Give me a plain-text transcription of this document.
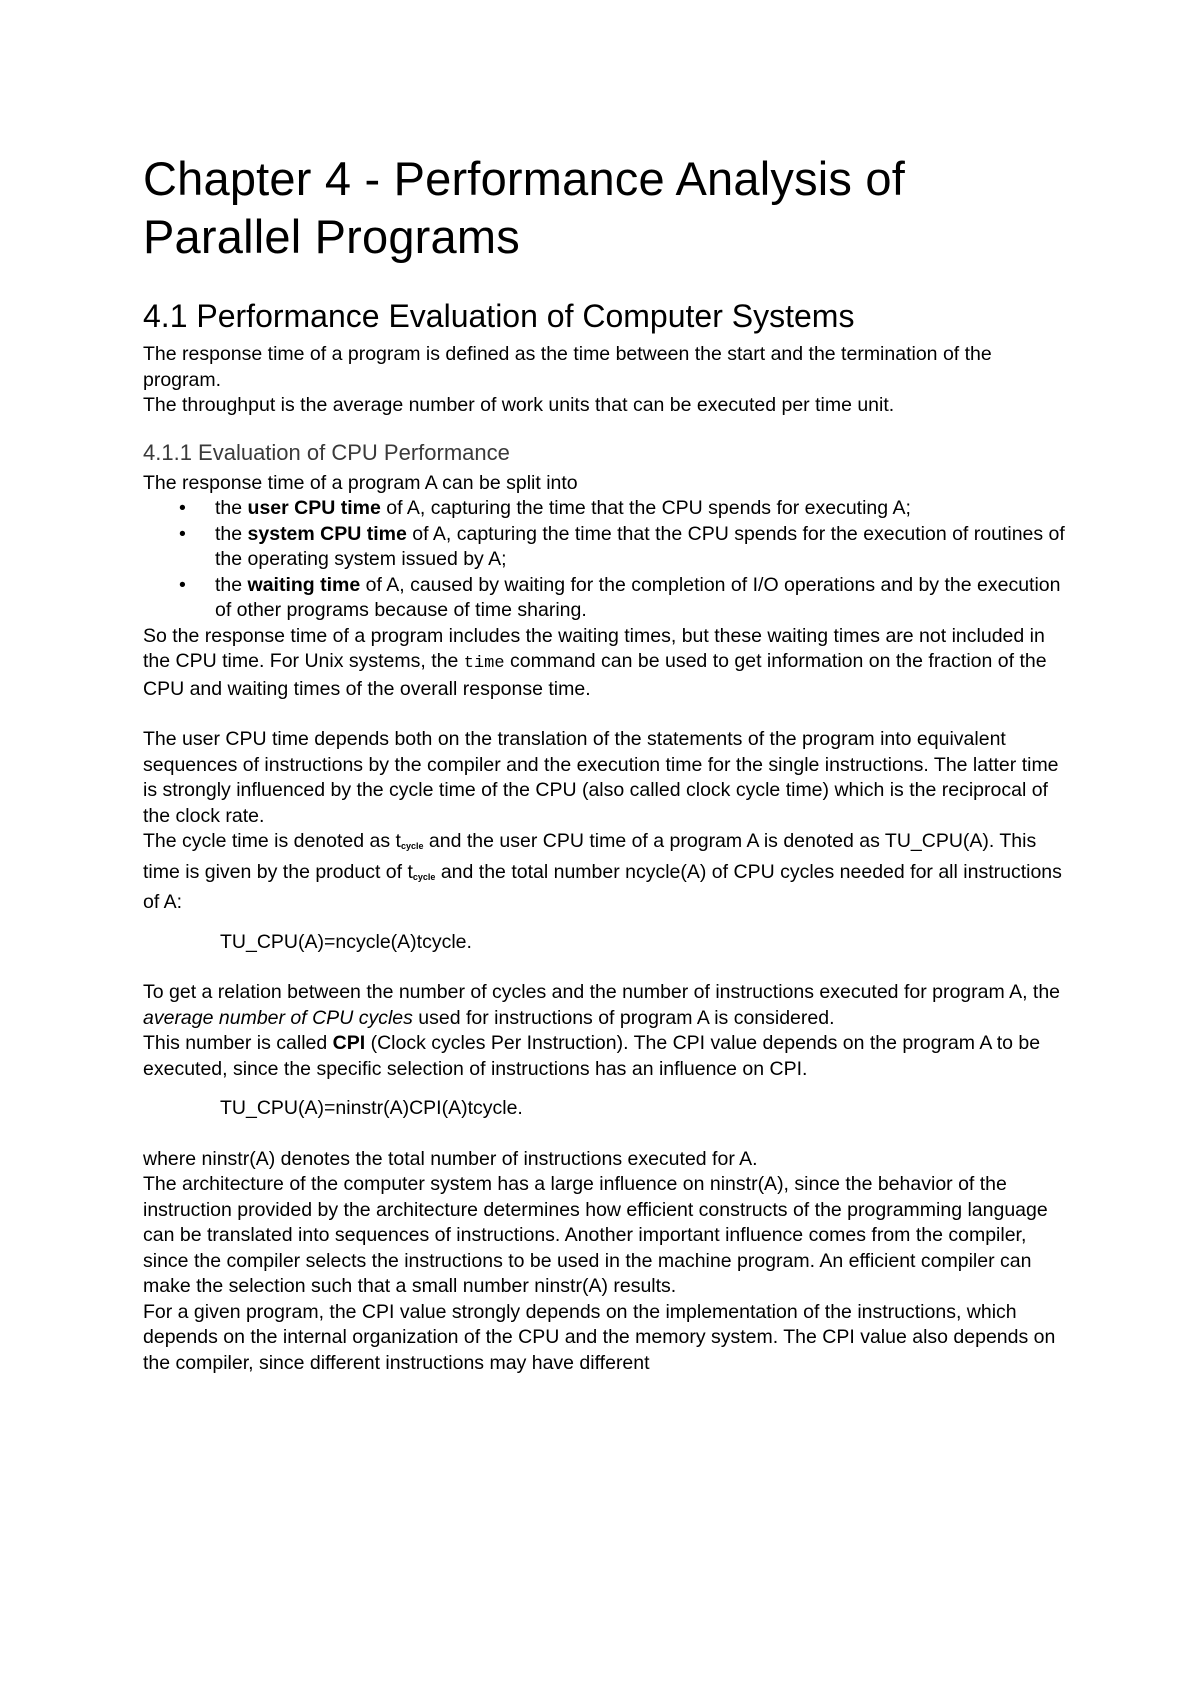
Chapter 4 - Performance Analysis of Parallel Programs
4.1 Performance Evaluation of Computer Systems

The response time of a program is defined as the time between the start and the termination of the program.

The throughput is the average number of work units that can be executed per time unit.

4.1.1 Evaluation of CPU Performance

The response time of a program A can be split into

• the user CPU time of A, capturing the time that the CPU spends for executing A;
• the system CPU time of A, capturing the time that the CPU spends for the execution of routines of the operating system issued by A;
• the waiting time of A, caused by waiting for the completion of I/O operations and by the execution of other programs because of time sharing.

So the response time of a program includes the waiting times, but these waiting times are not included in the CPU time. For Unix systems, the time command can be used to get information on the fraction of the CPU and waiting times of the overall response time.

The user CPU time depends both on the translation of the statements of the program into equivalent sequences of instructions by the compiler and the execution time for the single instructions. The latter time is strongly influenced by the cycle time of the CPU (also called clock cycle time) which is the reciprocal of the clock rate.

The cycle time is denoted as $t_{cycle}$ and the user CPU time of a program A is denoted as TU_CPU(A). This time is given by the product of $t_{cycle}$ and the total number ncycle(A) of CPU cycles needed for all instructions of A:

TU_CPU(A)=ncycle(A)tcycle.

To get a relation between the number of cycles and the number of instructions executed for program A, the average number of CPU cycles used for instructions of program A is considered.

This number is called CPI (Clock cycles Per Instruction). The CPI value depends on the program A to be executed, since the specific selection of instructions has an influence on CPI.

TU_CPU(A)=ninstr(A)CPI(A)tcycle.

where ninstr(A) denotes the total number of instructions executed for A.

The architecture of the computer system has a large influence on ninstr(A), since the behavior of the instruction provided by the architecture determines how efficient constructs of the programming language can be translated into sequences of instructions. Another important influence comes from the compiler, since the compiler selects the instructions to be used in the machine program. An efficient compiler can make the selection such that a small number ninstr(A) results.

For a given program, the CPI value strongly depends on the implementation of the instructions, which depends on the internal organization of the CPU and the memory system. The CPI value also depends on the compiler, since different instructions may have different
